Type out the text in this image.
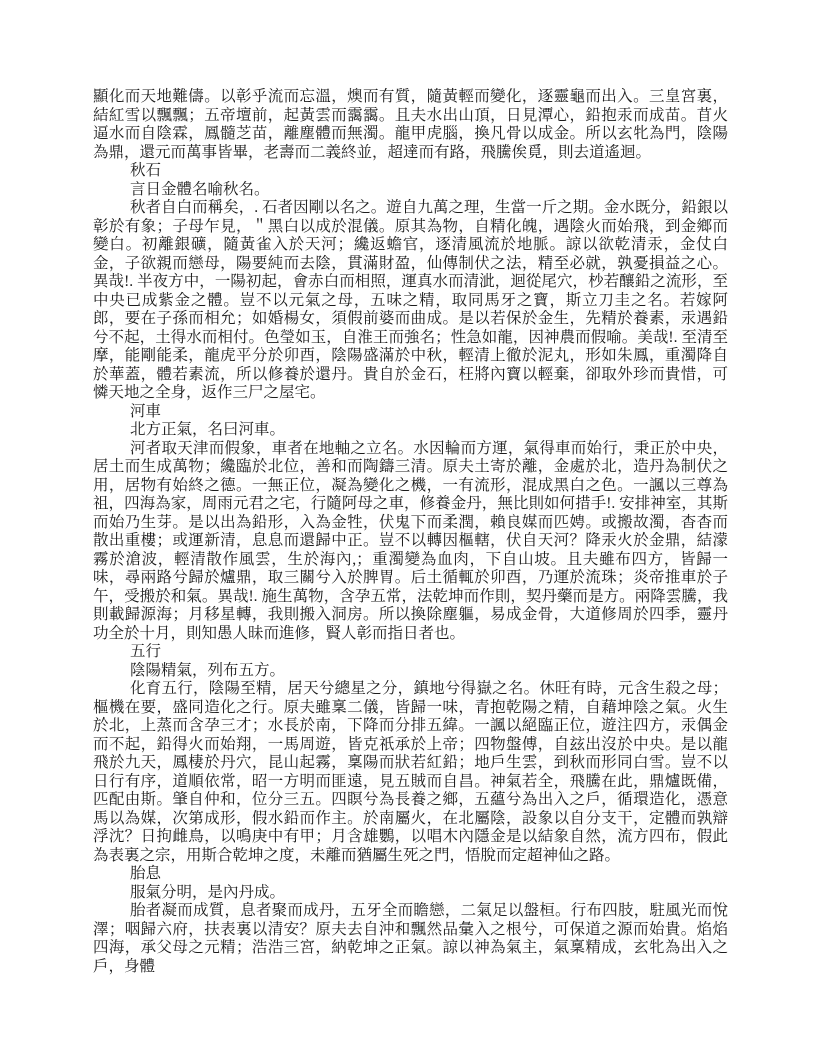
顯化而天地難儔。以彰乎流而忘溫，燠而有質，隨黃輕而變化，逐靈龜而出入。三皇宮裏，結紅雪以飄飄；五帝壇前，起黃雲而靄靄。且夫水出山頂，日見潭心，鉛抱汞而成苗。苜火逼水而自陰霖，鳳髓芝苗，離塵體而無濁。龍甲虎腦，換凡骨以成金。所以玄牝為門，陰陽為鼎，還元而萬事皆畢，老壽而二義終並，超達而有路，飛騰俟覓，則去道遙迴。

秋石

言日金體名喻秋名。

秋者自白而稱矣，. 石者因剛以名之。遊自九萬之理，生當一斤之期。金水既分，鉛銀以彰於有象；子母乍見，＂黑白以成於混儀。原其為物，自精化魄，遇陰火而始飛，到金鄉而變白。初離銀礦，隨黃雀入於天河；纔返蟾官，逐清風流於地脈。諒以欲乾清汞，金仗白金，子欲親而戀母，陽要純而去陰，貫滿財盈，仙傳制伏之法，精至必就，孰憂損益之心。異哉!. 半夜方中，一陽初起，會赤白而相照，運真水而清泚，迴從尾穴，杪若釀鉛之流形，至中央已成紫金之體。豈不以元氣之母，五味之精，取同馬牙之寶，斯立刀圭之名。若嫁阿郎，要在子孫而相允；如婚楊女，須假前婆而曲成。是以若保於金生，先精於養素，汞遇鉛兮不起，土得水而相付。色瑩如玉，自淮王而強名；性急如龍，因神農而假喻。美哉!. 至清至摩，能剛能柔，龍虎平分於卯酉，陰陽盛滿於中秋，輕清上徹於泥丸，形如朱鳳，重濁降自於華蓋，體若素流，所以修養於還丹。貴自於金石，枉將內寶以輕棄，卻取外珍而貴惜，可憐天地之全身，返作三尸之屋宅。

河車

北方正氣，名曰河車。

河者取天津而假象，車者在地軸之立名。水因輪而方運，氣得車而始行，秉正於中央，居土而生成萬物；纔臨於北位，善和而陶鑄三清。原夫土寄於離，金處於北，造丹為制伏之用，居物有始終之德。一無正位，凝為變化之機，一有流形，混成黑白之色。一諷以三尊為祖，四海為家，周雨元君之宅，行隨阿母之車，修養金丹，無比則如何措手!. 安排神室，其斯而始乃生芽。是以出為鉛形，入為金牲，伏鬼下而柔潤，賴良媒而匹娉。或搬故濁，杳杳而散出重樓；或運新清，息息而還歸中正。豈不以轉因樞轄，伏自天河？降汞火於金鼎，結濛霧於滄波，輕清散作風雲，生於海內,；重濁變為血肉，下自山坡。且夫雖布四方，皆歸一味，尋兩路兮歸於爐鼎，取三關兮入於脾胃。后土循輒於卯酉，乃運於流珠；炎帝推車於子午，受搬於和氣。異哉!. 施生萬物，含孕五常，法乾坤而作則，契丹藥而是方。兩降雲騰，我則載歸源海；月移星轉，我則搬入洞房。所以換除塵軀，易成金骨，大道修周於四季，靈丹功全於十月，則知愚人昧而進修，賢人彰而指日者也。

五行

陰陽精氣，列布五方。

化育五行，陰陽至精，居天兮總星之分，鎮地兮得嶽之名。休旺有時，元含生殺之母；樞機在要，盛同造化之行。原夫雖稟二儀，皆歸一味，青抱乾陽之精，自藉坤陰之氣。火生於北，上蒸而含孕三才；水長於南，下降而分排五緯。一諷以絕臨正位，遊注四方，汞偶金而不起，鉛得火而始翔，一馬周遊，皆克祇承於上帝；四物盤傅，自玆出沒於中央。是以龍飛於九天，鳳棲於丹穴，昆山起霧，稟陽而狀若紅鉛；地戶生雲，到秋而形同白雪。豈不以日行有序，道順依常，昭一方明而匪遠，見五賊而自昌。神氣若全，飛騰在此，鼎爐既備，匹配由斯。肇自仲和，位分三五。四瞑兮為長養之鄉，五蘊兮為出入之戶，循環造化，憑意馬以為媒，次第成形，假水鉛而作主。於南屬火，在北屬陰，設象以自分支干，定體而孰辯浮沈？日拘雌鳥，以鳴庚中有甲；月含雄鸚，以唱木內隱金是以結象自然，流方四布，假此為表裏之宗，用斯合乾坤之度，未離而猶屬生死之門，悟脫而定超神仙之路。

胎息

服氣分明，是內丹成。

胎者凝而成質，息者聚而成丹，五牙全而瞻戀，二氣足以盤桓。行布四肢，駐風光而悅澤；咽歸六府，扶表裏以清安？原夫去自沖和飄然品彙入之根兮，可保道之源而始貴。焰焰四海，承父母之元精；浩浩三宮，納乾坤之正氣。諒以神為氣主，氣稟精成，玄牝為出入之戶，身體
